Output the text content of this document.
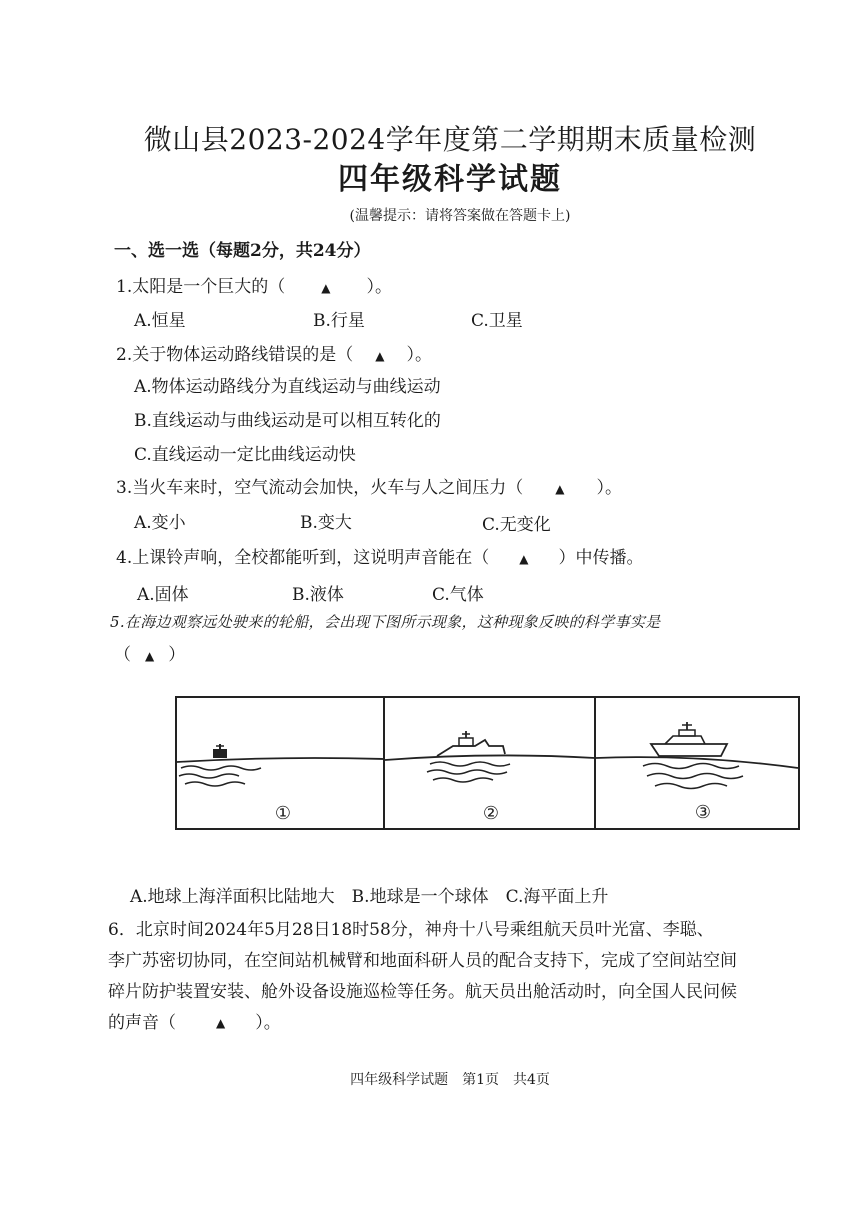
微山县2023-2024学年度第二学期期末质量检测
四年级科学试题
(温馨提示：请将答案做在答题卡上)
一、选一选（每题2分，共24分）
1.太阳是一个巨大的（	▲ ）。
A.恒星	B.行星	C.卫星
2.关于物体运动路线错误的是（ ▲ ）。
A.物体运动路线分为直线运动与曲线运动
B.直线运动与曲线运动是可以相互转化的
C.直线运动一定比曲线运动快
3.当火车来时，空气流动会加快，火车与人之间压力（	▲ ）。
A.变小	B.变大	C.无变化
4.上课铃声响，全校都能听到，这说明声音能在（	▲ ）中传播。
A.固体	B.液体	C.气体
5.在海边观察远处驶来的轮船，会出现下图所示现象，这种现象反映的科学事实是
（ ▲ ）
①	②	③
A.地球上海洋面积比陆地大　B.地球是一个球体　C.海平面上升
6．北京时间2024年5月28日18时58分，神舟十八号乘组航天员叶光富、李聪、
李广苏密切协同，在空间站机械臂和地面科研人员的配合支持下，完成了空间站空间
碎片防护装置安装、舱外设备设施巡检等任务。航天员出舱活动时，向全国人民问候
的声音（	▲ ）。
四年级科学试题　第1页　共4页
